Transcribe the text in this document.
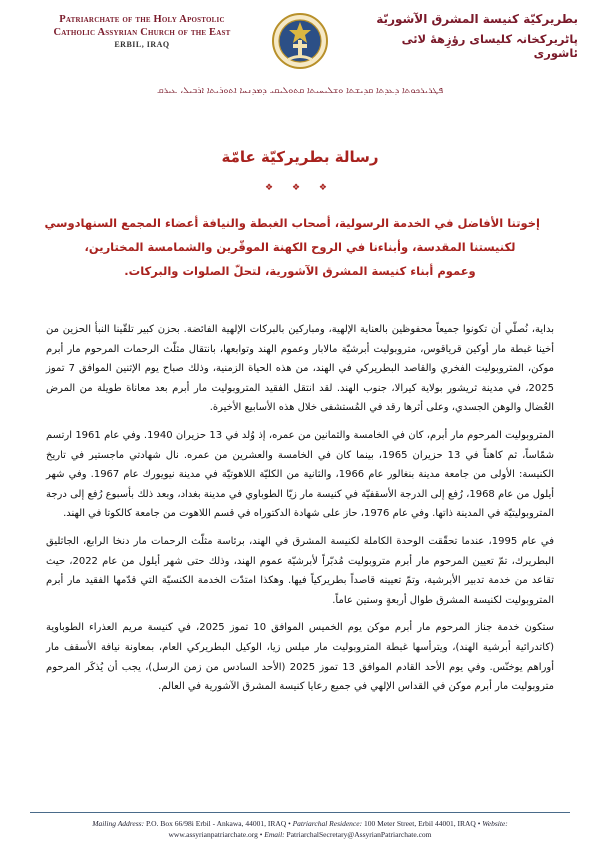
Patriarchate of the Holy Apostolic
Catholic Assyrian Church of the East
ERBIL, IRAQ
بطريركيّة كنيسة المشرق الآشوريّة
پاٹریرکخانہ کلیسای رؤزِههٔ لائی ئاشوری
ܦܛܪܝܪܟܘܬܐ ܕܥܕܬܐ ܩܕܝܫܬܐ ܘܫܠܝܚܝܬܐ ܩܬܘܠܝܩܝ ܕܡܕܢܚܐ ܐܬܘܪܝܬܐ ܐܪܒܝܠ، ܥܝܪܩ
رسالة بطريركيّة عامّة
❖ ❖ ❖
إخوتنا الأفاضل في الخدمة الرسولية، أصحاب الغبطة والنيافة أعضاء المجمع السنهادوسي
لكنيستنا المقدسة، وأبناءنا في الروح الكهنة الموقّرين والشمامسة المختارين،
وعموم أبناء كنيسة المشرق الآشورية، لتحلّ الصلوات والبركات.

بداية، نُصلّي أن تكونوا جميعاً محفوظين بالعناية الإلهية، ومباركين بالبركات الإلهية الفائضة. بحزن كبير تلقّينا النبأ الحزين من أخينا غبطة مار أوكين قرياقوس، متروبوليت أبرشيّة مالابار وعموم الهند وتوابعها، بانتقال مثلّث الرحمات المرحوم مار أبرم موكن، المتروبوليت الفخري والقاصد البطريركي في الهند، من هذه الحياة الزمنية، وذلك صباح يوم الإثنين الموافق 7 تموز 2025، في مدينة ثريشور بولاية كيرالا، جنوب الهند. لقد انتقل الفقيد المتروبوليت مار أبرم بعد معاناة طويلة من المرض العُضال والوهن الجسدي، وعلى أثرها رقد في المُستشفى خلال هذه الأسابيع الأخيرة.

المتروبوليت المرحوم مار أبرم، كان في الخامسة والثمانين من عمره، إذ وُلد في 13 حزيران 1940. وفي عام 1961 ارتسم شمّاساً، ثم كاهناً في 13 حزيران 1965، بينما كان في الخامسة والعشرين من عمره. نال شهادتي ماجستير في تاريخ الكنيسة: الأولى من جامعة مدينة بنغالور عام 1966، والثانية من الكليّة اللاهوتيّة في مدينة نيويورك عام 1967. وفي شهر أيلول من عام 1968، رُفع إلى الدرجة الأسقفيّة في كنيسة مار زيّا الطوباوي في مدينة بغداد، وبعد ذلك بأسبوع رُفع إلى درجة المتروبوليتيّة في المدينة ذاتها. وفي عام 1976، حاز على شهادة الدكتوراه في قسم اللاهوت من جامعة كالكوتا في الهند.

في عام 1995، عندما تحقّقت الوحدة الكاملة لكنيسة المشرق في الهند، برئاسة مثلّث الرحمات مار دنخا الرابع، الجاثليق البطريرك، تمّ تعيين المرحوم مار أبرم متروبوليت مُدبّراً لأبرشيّة عموم الهند، وذلك حتى شهر أيلول من عام 2022، حيث تقاعد من خدمة تدبير الأبرشية، وتمّ تعيينه قاصداً بطريركياً فيها. وهكذا امتدّت الخدمة الكنسيّة التي قدّمها الفقيد مار أبرم المتروبوليت لكنيسة المشرق طوال أربعةٍ وستين عاماً.

ستكون خدمة جناز المرحوم مار أبرم موكن يوم الخميس الموافق 10 تموز 2025، في كنيسة مريم العذراء الطوباوية (كاتدرائية أبرشية الهند)، ويترأسها غبطة المتروبوليت مار ميلس زيا، الوكيل البطريركي العام، بمعاونة نيافة الأسقف مار أوراهم يوخنّس. وفي يوم الأحد القادم الموافق 13 تموز 2025 (الأحد السادس من زمن الرسل)، يجب أن يُذكَر المرحوم متروبوليت مار أبرم موكن في القداس الإلهي في جميع رعايا كنيسة المشرق الآشورية في العالم.

Mailing Address: P.O. Box 66/98i Erbil - Ankawa, 44001, IRAQ • Patriarchal Residence: 100 Meter Street, Erbil 44001, IRAQ • Website:
www.assyrianpatriarchate.org • Email: PatriarchalSecretary@AssyrianPatriarchate.com
